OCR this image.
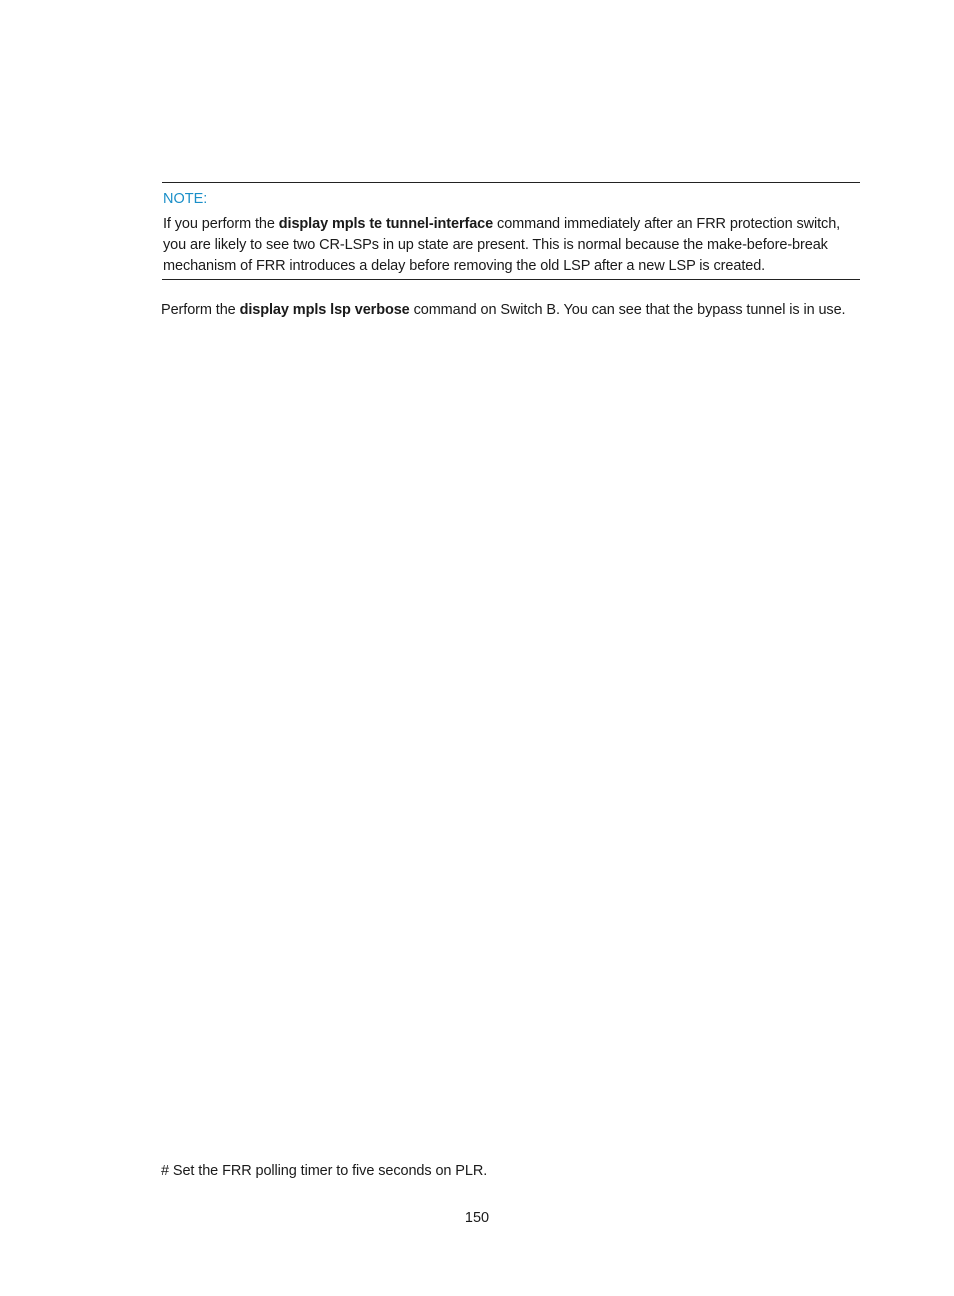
NOTE:
If you perform the display mpls te tunnel-interface command immediately after an FRR protection switch, you are likely to see two CR-LSPs in up state are present. This is normal because the make-before-break mechanism of FRR introduces a delay before removing the old LSP after a new LSP is created.
Perform the display mpls lsp verbose command on Switch B. You can see that the bypass tunnel is in use.
# Set the FRR polling timer to five seconds on PLR.
150
